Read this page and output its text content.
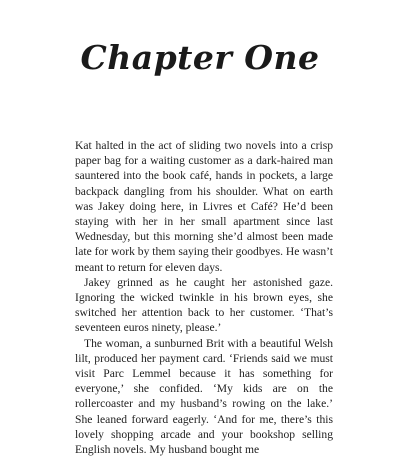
Chapter One

Kat halted in the act of sliding two novels into a crisp paper bag for a waiting customer as a dark-haired man sauntered into the book café, hands in pockets, a large backpack dangling from his shoulder. What on earth was Jakey doing here, in Livres et Café? He’d been staying with her in her small apartment since last Wednesday, but this morning she’d almost been made late for work by them saying their goodbyes. He wasn’t meant to return for eleven days.

Jakey grinned as he caught her astonished gaze. Ignoring the wicked twinkle in his brown eyes, she switched her attention back to her customer. ‘That’s seventeen euros ninety, please.’

The woman, a sunburned Brit with a beautiful Welsh lilt, produced her payment card. ‘Friends said we must visit Parc Lemmel because it has something for everyone,’ she confided. ‘My kids are on the rollercoaster and my husband’s rowing on the lake.’ She leaned forward eagerly. ‘And for me, there’s this lovely shopping arcade and your bookshop selling English novels. My husband bought me
